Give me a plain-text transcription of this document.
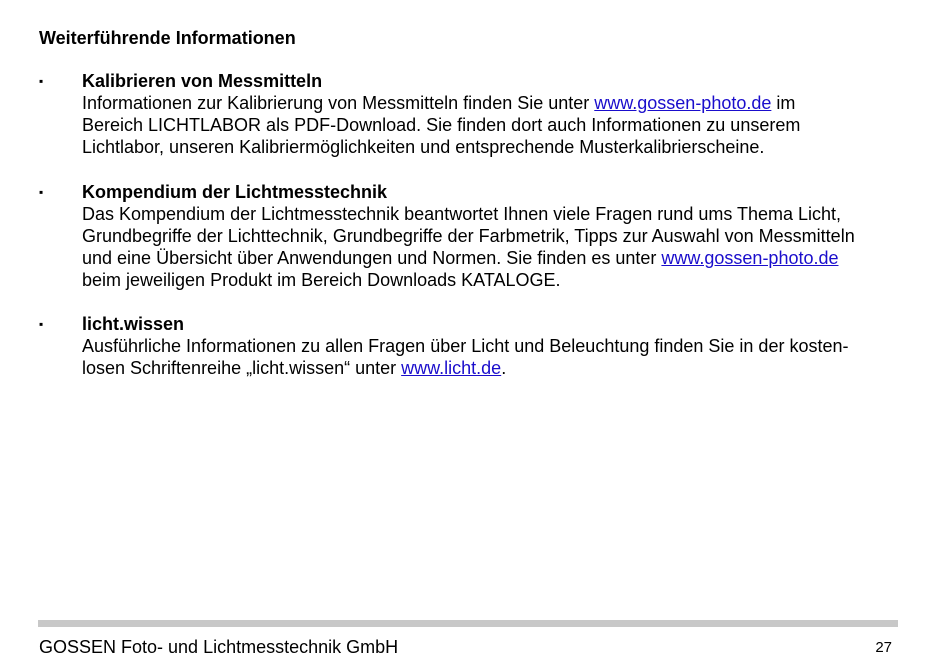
Weiterführende Informationen
▪ Kalibrieren von Messmitteln
Informationen zur Kalibrierung von Messmitteln finden Sie unter www.gossen-photo.de im
Bereich LICHTLABOR als PDF-Download. Sie finden dort auch Informationen zu unserem
Lichtlabor, unseren Kalibriermöglichkeiten und entsprechende Musterkalibrierscheine.
▪ Kompendium der Lichtmesstechnik
Das Kompendium der Lichtmesstechnik beantwortet Ihnen viele Fragen rund ums Thema Licht,
Grundbegriffe der Lichttechnik, Grundbegriffe der Farbmetrik, Tipps zur Auswahl von Messmitteln
und eine Übersicht über Anwendungen und Normen. Sie finden es unter www.gossen-photo.de
beim jeweiligen Produkt im Bereich Downloads KATALOGE.
▪ licht.wissen
Ausführliche Informationen zu allen Fragen über Licht und Beleuchtung finden Sie in der kosten-
losen Schriftenreihe „licht.wissen“ unter www.licht.de.
GOSSEN Foto- und Lichtmesstechnik GmbH	27
